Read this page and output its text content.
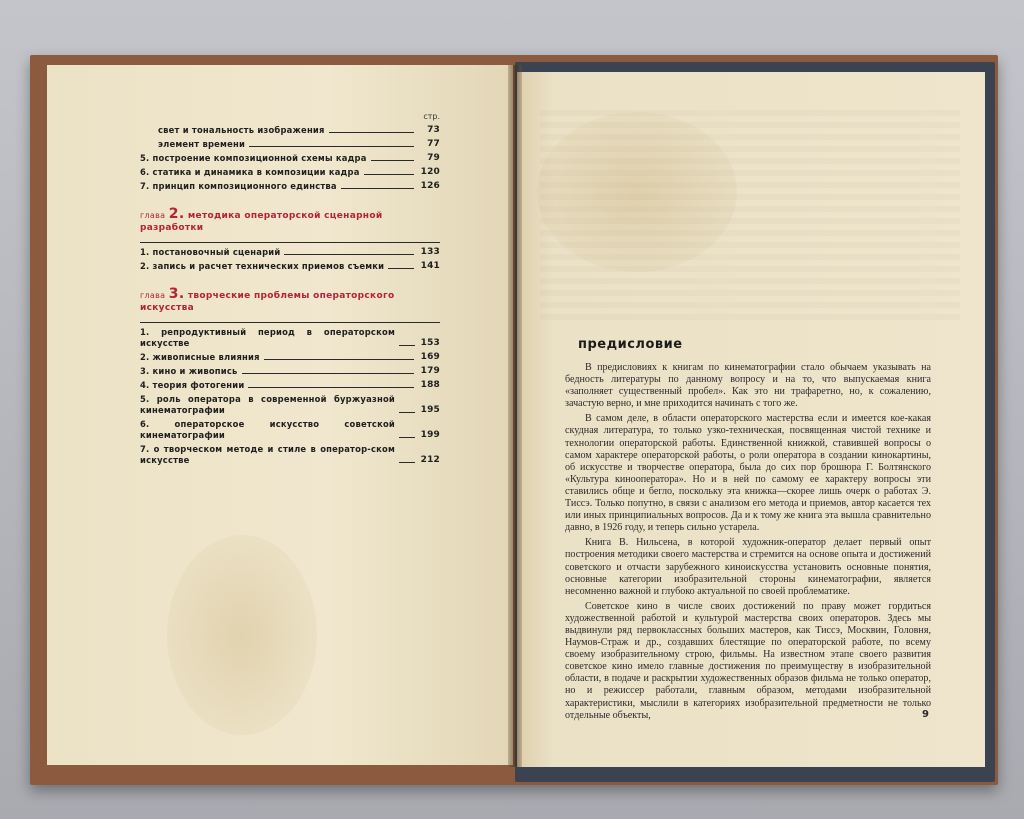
стр.
свет и тональность изображения	73
элемент времени	77
5. построение композиционной схемы кадра	79
6. статика и динамика в композиции кадра	120
7. принцип композиционного единства	126
глава 2. методика операторской сценарной разработки
1. постановочный сценарий	133
2. запись и расчет технических приемов съемки	141
глава 3. творческие проблемы операторского искусства
1. репродуктивный период в операторском искусстве	153
2. живописные влияния	169
3. кино и живопись	179
4. теория фотогении	188
5. роль оператора в современной буржуазной кинематографии	195
6. операторское искусство советской кинематографии	199
7. о творческом методе и стиле в оператор-ском искусстве	212
предисловие

В предисловиях к книгам по кинематографии стало обычаем указывать на бедность литературы по данному вопросу и на то, что выпускаемая книга «заполняет существенный пробел». Как это ни трафаретно, но, к сожалению, зачастую верно, и мне приходится начинать с того же.

В самом деле, в области операторского мастерства если и имеется кое-какая скудная литература, то только узко-техническая, посвященная чистой технике и технологии операторской работы. Единственной книжкой, ставившей вопросы о самом характере операторской работы, о роли оператора в создании кинокартины, об искусстве и творчестве оператора, была до сих пор брошюра Г. Болтянского «Культура кинооператора». Но и в ней по самому ее характеру вопросы эти ставились обще и бегло, поскольку эта книжка—скорее лишь очерк о работах Э. Тиссэ. Только попутно, в связи с анализом его метода и приемов, автор касается тех или иных принципиальных вопросов. Да и к тому же книга эта вышла сравнительно давно, в 1926 году, и теперь сильно устарела.

Книга В. Нильсена, в которой художник-оператор делает первый опыт построения методики своего мастерства и стремится на основе опыта и достижений советского и отчасти зарубежного киноискусства установить основные понятия, основные категории изобразительной стороны кинематографии, является несомненно важной и глубоко актуальной по своей проблематике.

Советское кино в числе своих достижений по праву может гордиться художественной работой и культурой мастерства своих операторов. Здесь мы выдвинули ряд первоклассных больших мастеров, как Тиссэ, Москвин, Головня, Наумов-Страж и др., создавших блестящие по операторской работе, по всему своему изобразительному строю, фильмы. На известном этапе своего развития советское кино имело главные достижения по преимуществу в изобразительной области, в подаче и раскрытии художественных образов фильма не только оператор, но и режиссер работали, главным образом, методами изобразительной характеристики, мыслили в категориях изобразительной предметности не только отдельные объекты,	9
